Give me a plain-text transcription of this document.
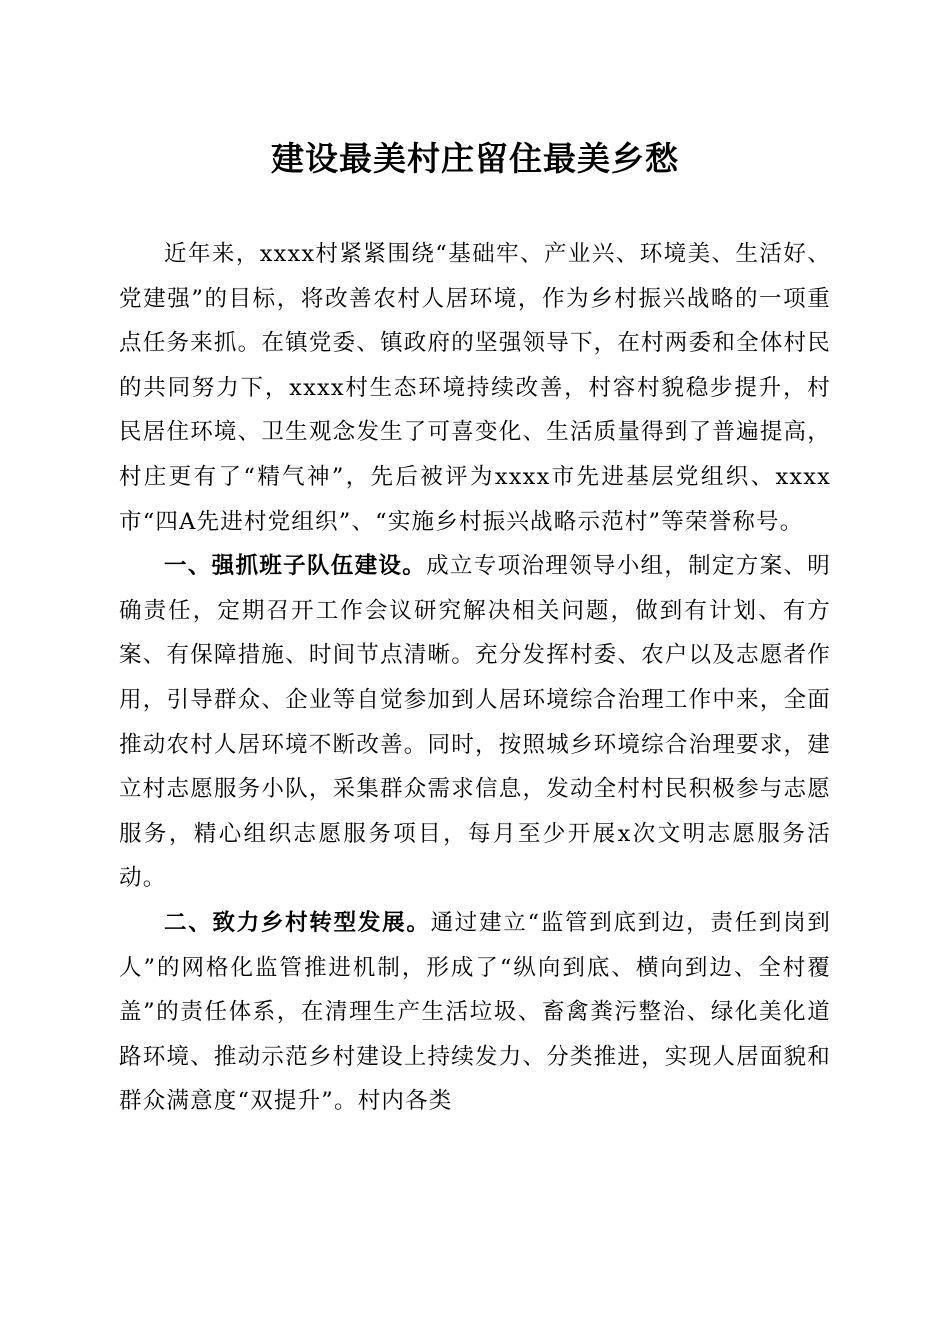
建设最美村庄留住最美乡愁

近年来，xxxx村紧紧围绕“基础牢、产业兴、环境美、生活好、党建强”的目标，将改善农村人居环境，作为乡村振兴战略的一项重点任务来抓。在镇党委、镇政府的坚强领导下，在村两委和全体村民的共同努力下，xxxx村生态环境持续改善，村容村貌稳步提升，村民居住环境、卫生观念发生了可喜变化、生活质量得到了普遍提高，村庄更有了“精气神”，先后被评为xxxx市先进基层党组织、xxxx市“四A先进村党组织”、“实施乡村振兴战略示范村”等荣誉称号。

一、强抓班子队伍建设。成立专项治理领导小组，制定方案、明确责任，定期召开工作会议研究解决相关问题，做到有计划、有方案、有保障措施、时间节点清晰。充分发挥村委、农户以及志愿者作用，引导群众、企业等自觉参加到人居环境综合治理工作中来，全面推动农村人居环境不断改善。同时，按照城乡环境综合治理要求，建立村志愿服务小队，采集群众需求信息，发动全村村民积极参与志愿服务，精心组织志愿服务项目，每月至少开展x次文明志愿服务活动。

二、致力乡村转型发展。通过建立“监管到底到边，责任到岗到人”的网格化监管推进机制，形成了“纵向到底、横向到边、全村覆盖”的责任体系，在清理生产生活垃圾、畜禽粪污整治、绿化美化道路环境、推动示范乡村建设上持续发力、分类推进，实现人居面貌和群众满意度“双提升”。村内各类
